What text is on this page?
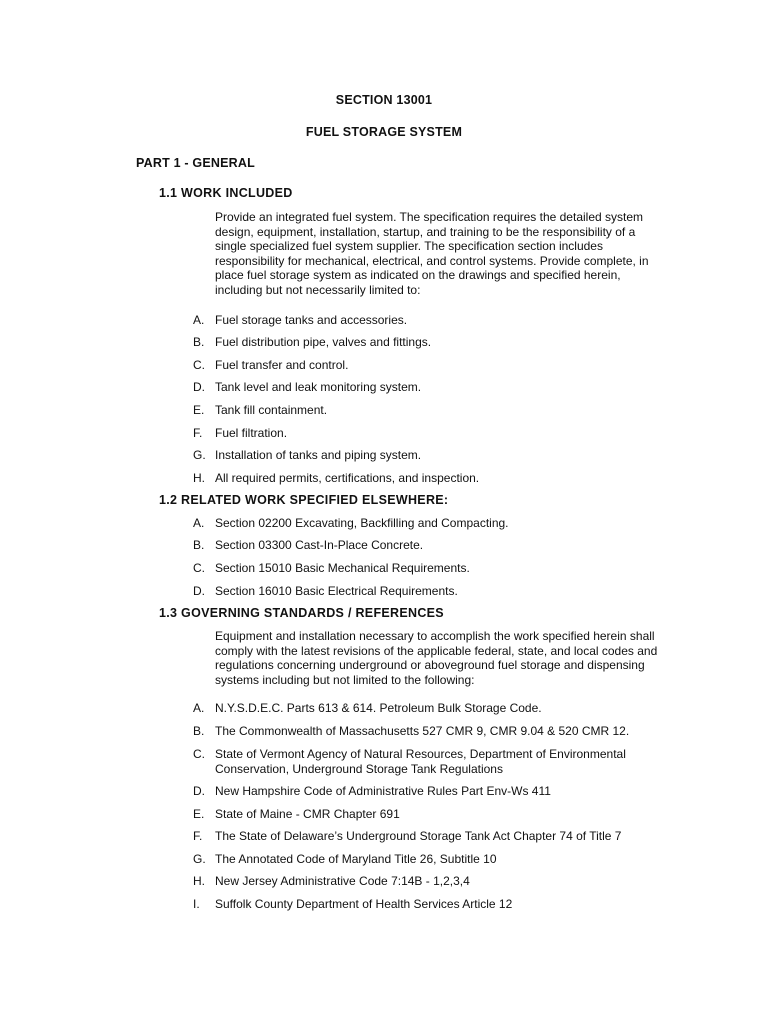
SECTION 13001
FUEL STORAGE SYSTEM
PART 1 - GENERAL
1.1 WORK INCLUDED
Provide an integrated fuel system. The specification requires the detailed system
design, equipment, installation, startup, and training to be the responsibility of a
single specialized fuel system supplier. The specification section includes
responsibility for mechanical, electrical, and control systems. Provide complete, in
place fuel storage system as indicated on the drawings and specified herein,
including but not necessarily limited to:
A. Fuel storage tanks and accessories.
B. Fuel distribution pipe, valves and fittings.
C. Fuel transfer and control.
D. Tank level and leak monitoring system.
E. Tank fill containment.
F.	Fuel filtration.
G. Installation of tanks and piping system.
H. All required permits, certifications, and inspection.
1.2 RELATED WORK SPECIFIED ELSEWHERE:
A. Section 02200 Excavating, Backfilling and Compacting.
B. Section 03300 Cast-In-Place Concrete.
C. Section 15010 Basic Mechanical Requirements.
D. Section 16010 Basic Electrical Requirements.
1.3 GOVERNING STANDARDS / REFERENCES
Equipment and installation necessary to accomplish the work specified herein shall
comply with the latest revisions of the applicable federal, state, and local codes and
regulations concerning underground or aboveground fuel storage and dispensing
systems including but not limited to the following:
A. N.Y.S.D.E.C. Parts 613 & 614. Petroleum Bulk Storage Code.
B. The Commonwealth of Massachusetts 527 CMR 9, CMR 9.04 & 520 CMR 12.
C. State of Vermont Agency of Natural Resources, Department of Environmental
Conservation, Underground Storage Tank Regulations
D. New Hampshire Code of Administrative Rules Part Env-Ws 411
E. State of Maine - CMR Chapter 691
F.	The State of Delaware’s Underground Storage Tank Act Chapter 74 of Title 7
G. The Annotated Code of Maryland Title 26, Subtitle 10
H. New Jersey Administrative Code 7:14B - 1,2,3,4
I.	Suffolk County Department of Health Services Article 12
